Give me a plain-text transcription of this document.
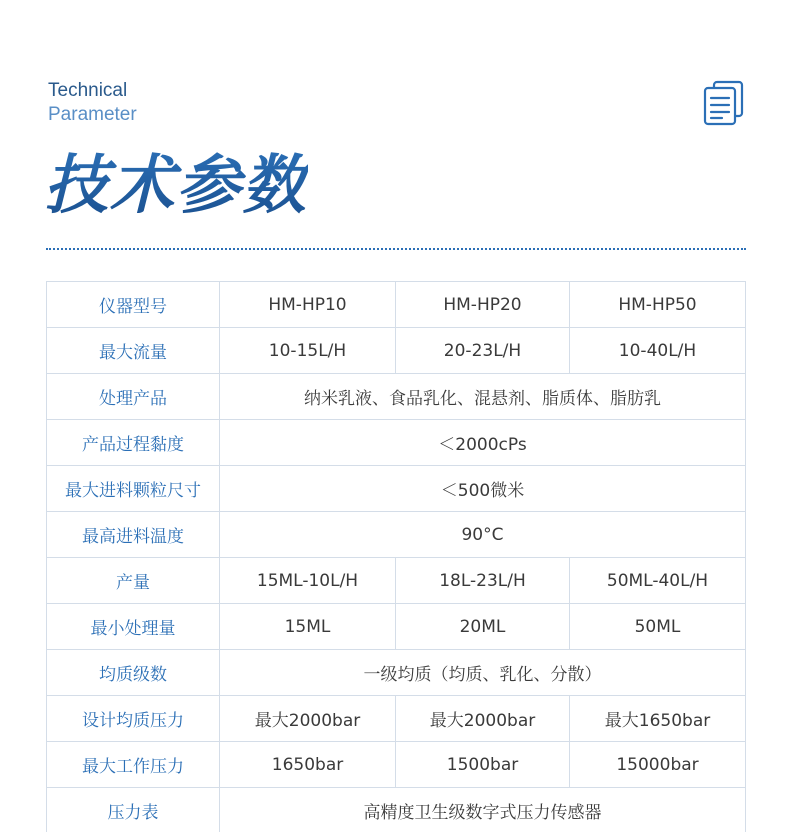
Technical
Parameter
技术参数
仪器型号	HM-HP10	HM-HP20	HM-HP50
最大流量	10-15L/H	20-23L/H	10-40L/H
处理产品	纳米乳液、食品乳化、混悬剂、脂质体、脂肪乳		
产品过程黏度	＜2000cPs		
最大进料颗粒尺寸	＜500微米		
最高进料温度	90°C		
产量	15ML-10L/H	18L-23L/H	50ML-40L/H
最小处理量	15ML	20ML	50ML
均质级数	一级均质（均质、乳化、分散）		
设计均质压力	最大2000bar	最大2000bar	最大1650bar
最大工作压力	1650bar	1500bar	15000bar
压力表	高精度卫生级数字式压力传感器		
